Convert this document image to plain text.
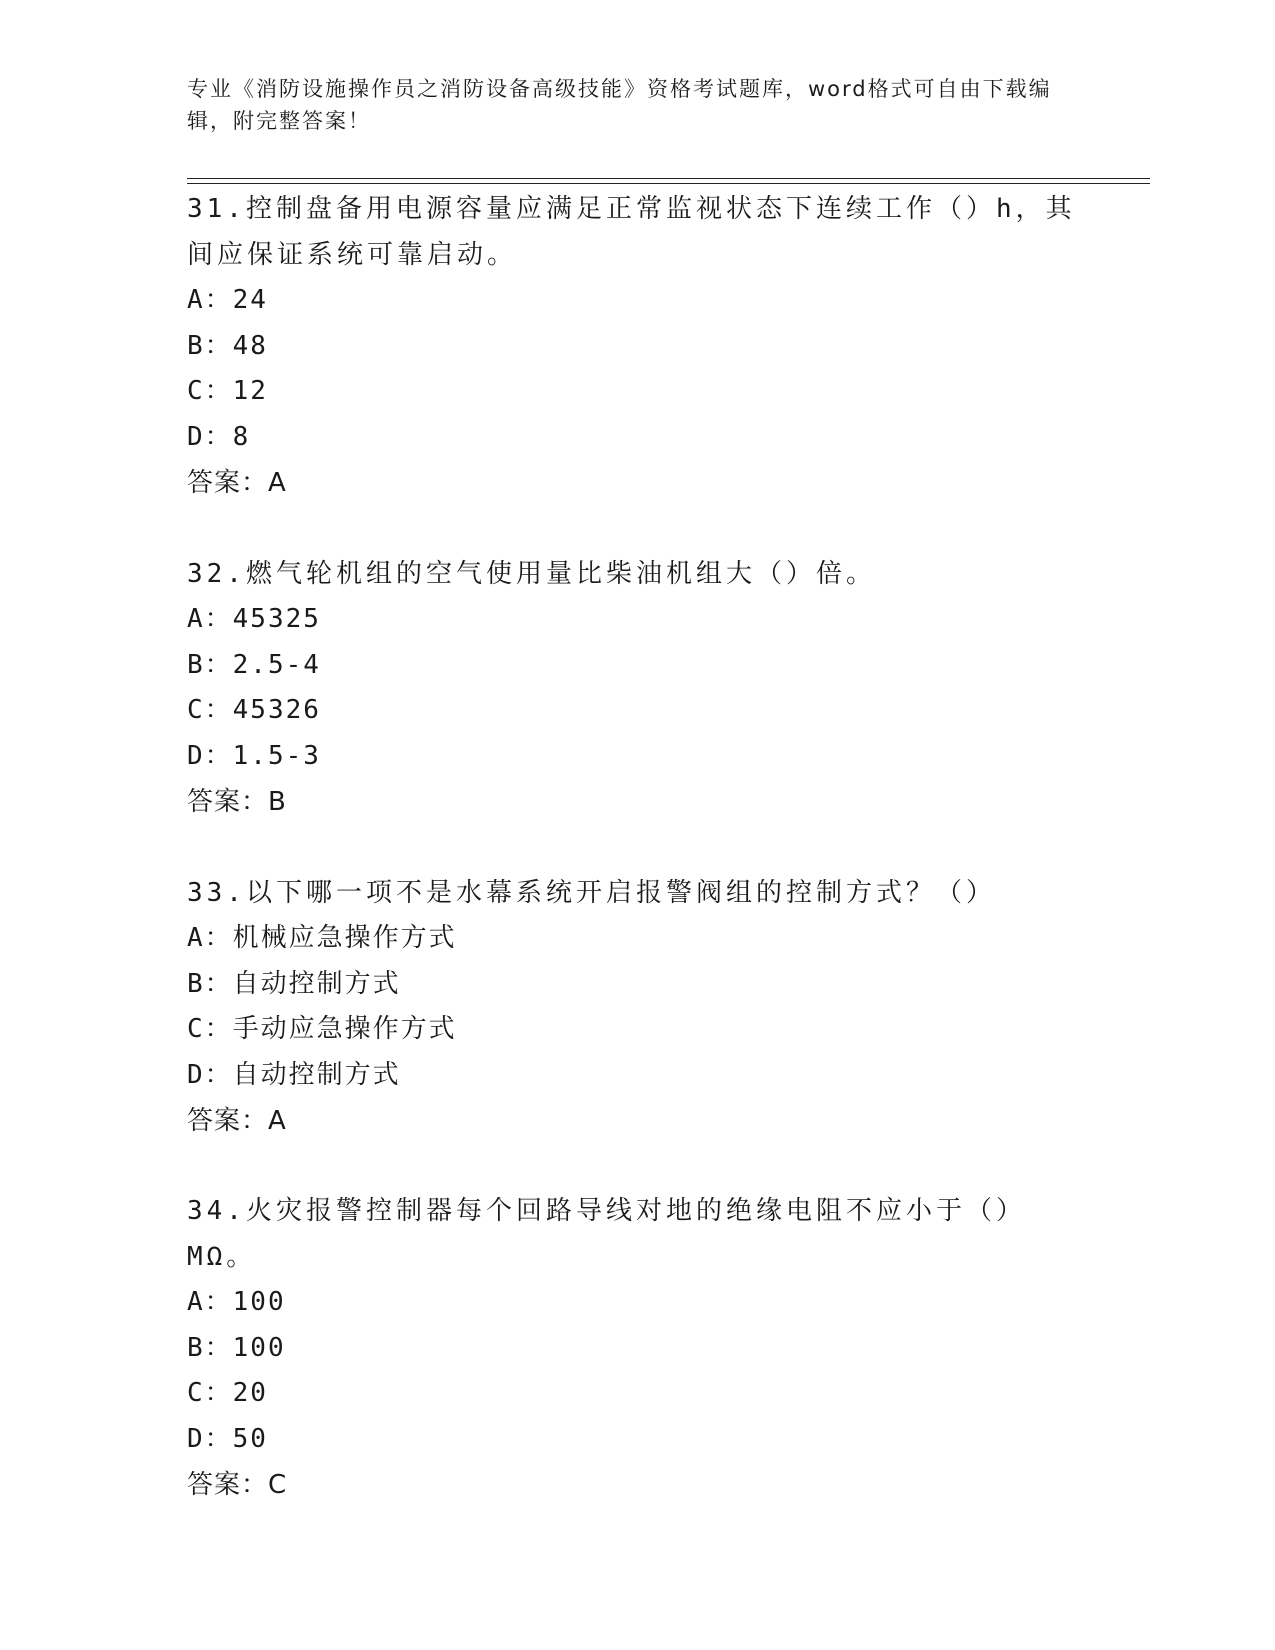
专业《消防设施操作员之消防设备高级技能》资格考试题库，word格式可自由下载编辑，附完整答案！
31.控制盘备用电源容量应满足正常监视状态下连续工作（）h，其间应保证系统可靠启动。
A：24
B：48
C：12
D：8
答案：A
32.燃气轮机组的空气使用量比柴油机组大（）倍。
A：45325
B：2.5-4
C：45326
D：1.5-3
答案：B
33.以下哪一项不是水幕系统开启报警阀组的控制方式？（）
A：机械应急操作方式
B：自动控制方式
C：手动应急操作方式
D：自动控制方式
答案：A
34.火灾报警控制器每个回路导线对地的绝缘电阻不应小于（）MΩ。
A：100
B：100
C：20
D：50
答案：C
